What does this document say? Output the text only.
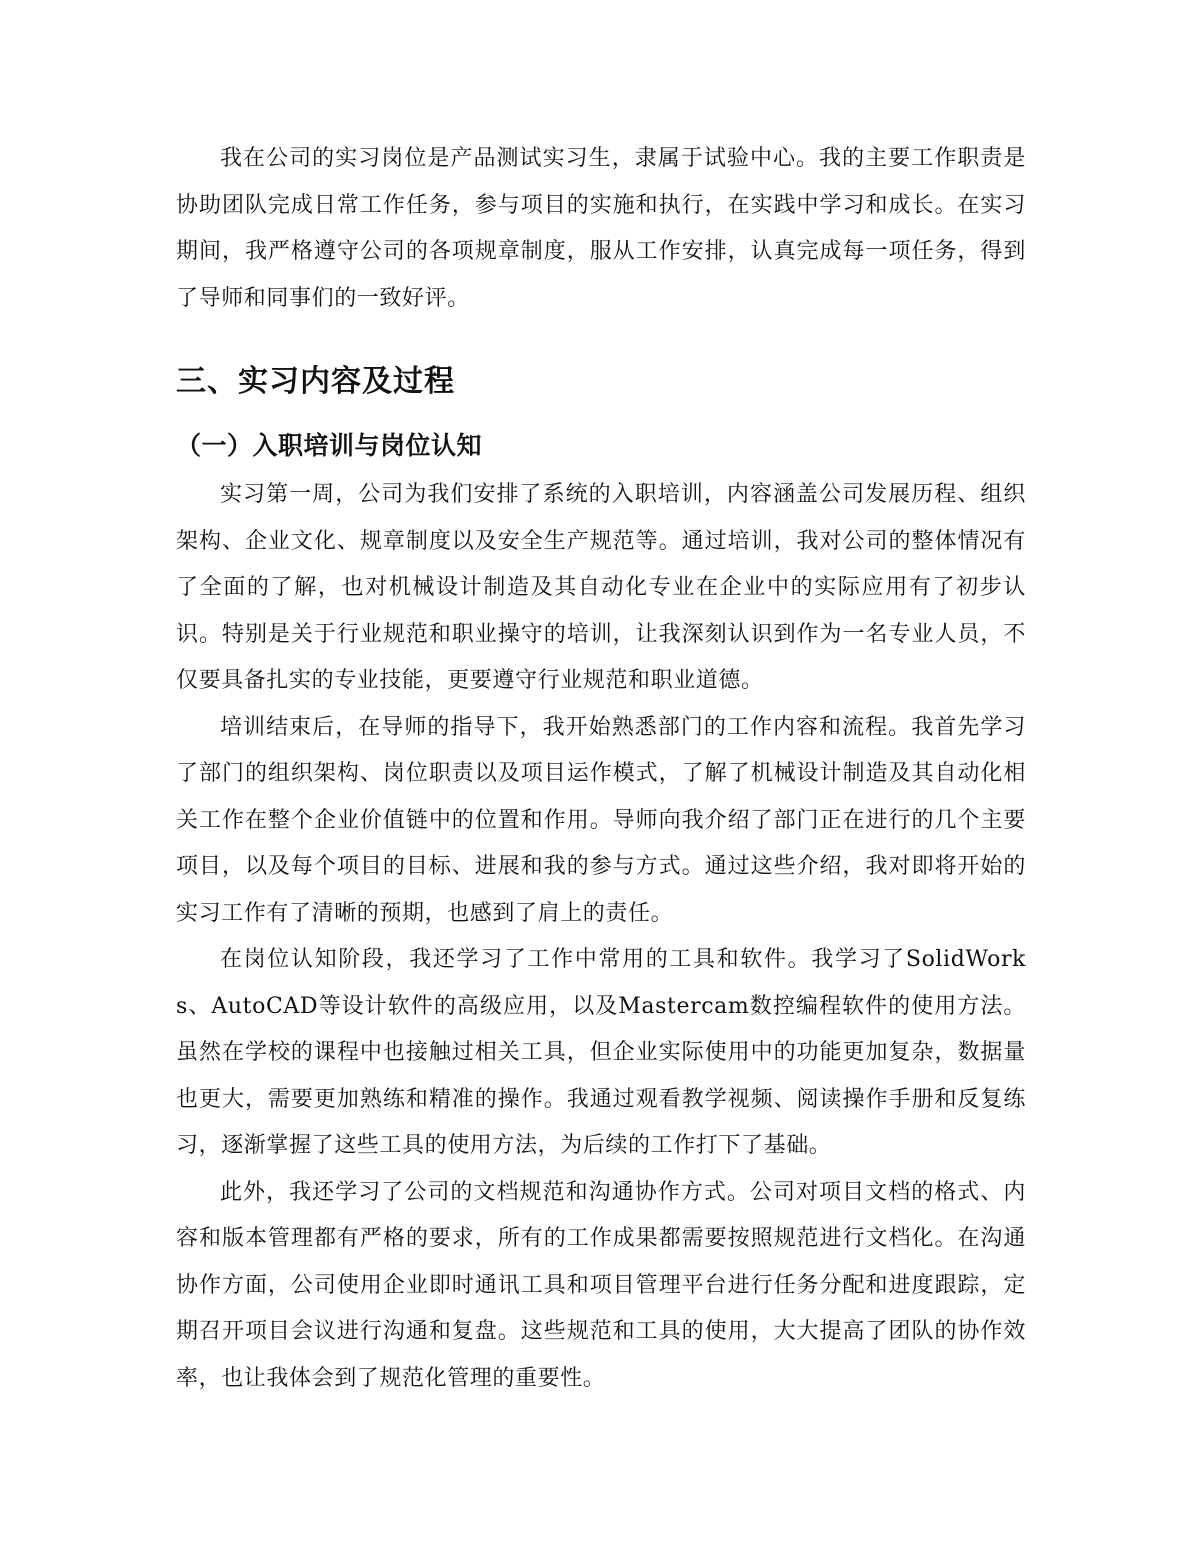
我在公司的实习岗位是产品测试实习生，隶属于试验中心。我的主要工作职责是协助团队完成日常工作任务，参与项目的实施和执行，在实践中学习和成长。在实习期间，我严格遵守公司的各项规章制度，服从工作安排，认真完成每一项任务，得到了导师和同事们的一致好评。

三、实习内容及过程
（一）入职培训与岗位认知

实习第一周，公司为我们安排了系统的入职培训，内容涵盖公司发展历程、组织架构、企业文化、规章制度以及安全生产规范等。通过培训，我对公司的整体情况有了全面的了解，也对机械设计制造及其自动化专业在企业中的实际应用有了初步认识。特别是关于行业规范和职业操守的培训，让我深刻认识到作为一名专业人员，不仅要具备扎实的专业技能，更要遵守行业规范和职业道德。

培训结束后，在导师的指导下，我开始熟悉部门的工作内容和流程。我首先学习了部门的组织架构、岗位职责以及项目运作模式，了解了机械设计制造及其自动化相关工作在整个企业价值链中的位置和作用。导师向我介绍了部门正在进行的几个主要项目，以及每个项目的目标、进展和我的参与方式。通过这些介绍，我对即将开始的实习工作有了清晰的预期，也感到了肩上的责任。

在岗位认知阶段，我还学习了工作中常用的工具和软件。我学习了SolidWorks、AutoCAD等设计软件的高级应用，以及Mastercam数控编程软件的使用方法。虽然在学校的课程中也接触过相关工具，但企业实际使用中的功能更加复杂，数据量也更大，需要更加熟练和精准的操作。我通过观看教学视频、阅读操作手册和反复练习，逐渐掌握了这些工具的使用方法，为后续的工作打下了基础。

此外，我还学习了公司的文档规范和沟通协作方式。公司对项目文档的格式、内容和版本管理都有严格的要求，所有的工作成果都需要按照规范进行文档化。在沟通协作方面，公司使用企业即时通讯工具和项目管理平台进行任务分配和进度跟踪，定期召开项目会议进行沟通和复盘。这些规范和工具的使用，大大提高了团队的协作效率，也让我体会到了规范化管理的重要性。
